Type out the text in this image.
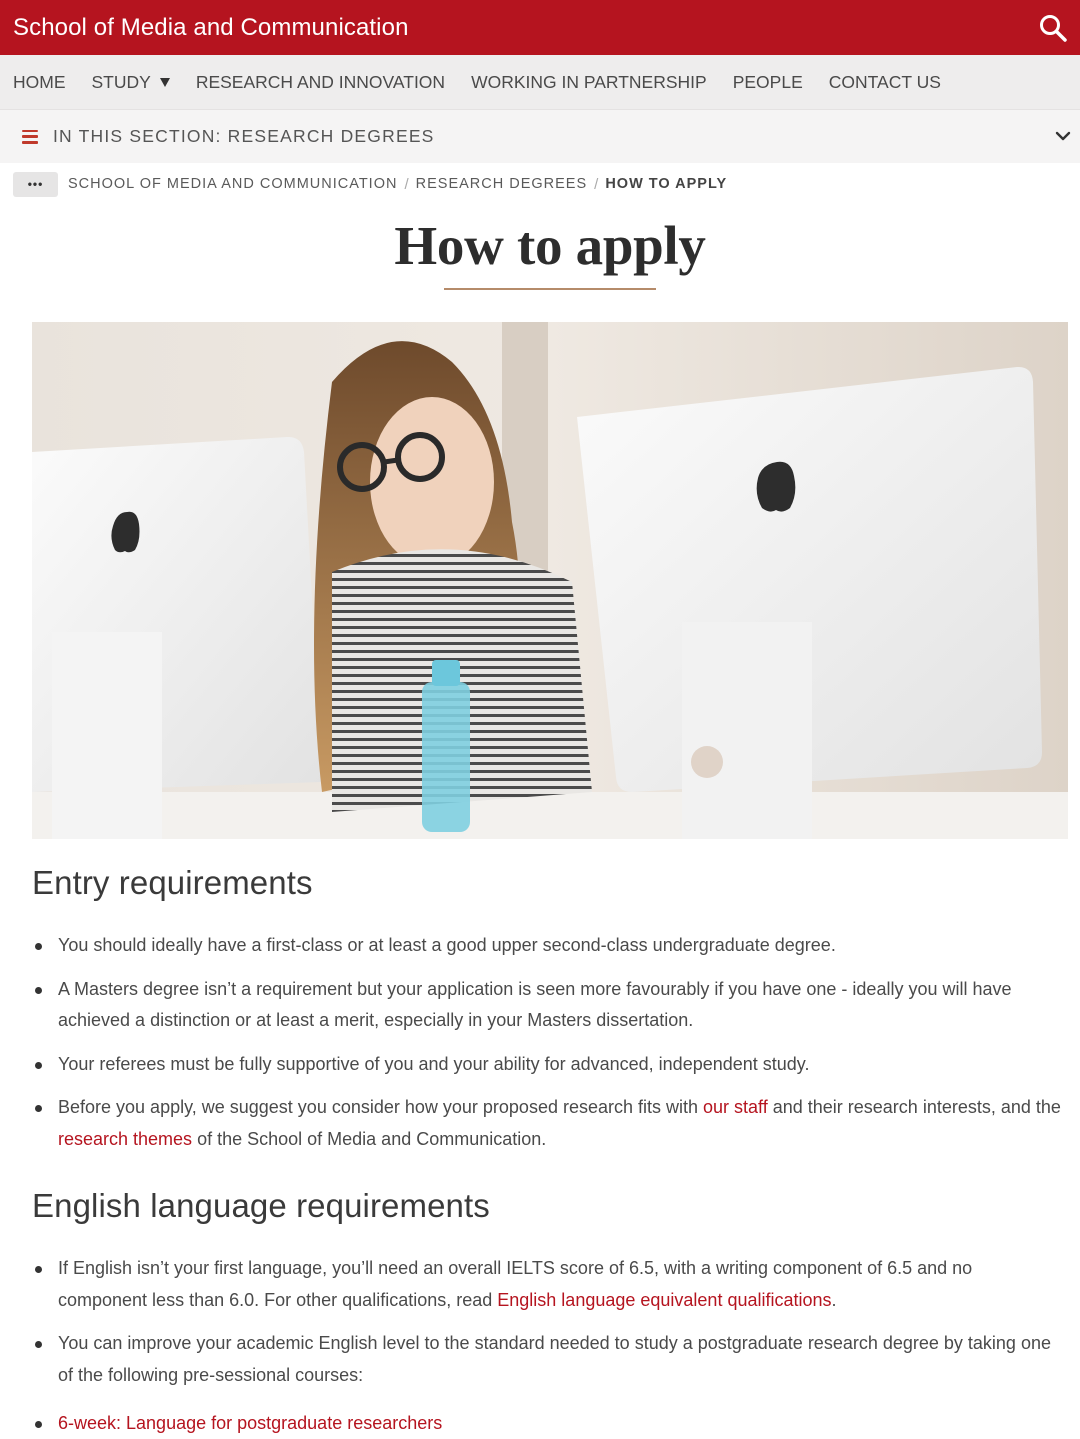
School of Media and Communication
HOME STUDY	RESEARCH AND INNOVATION WORKING IN PARTNERSHIP PEOPLE CONTACT US
IN THIS SECTION: RESEARCH DEGREES
•••	SCHOOL OF MEDIA AND COMMUNICATION / RESEARCH DEGREES / HOW TO APPLY
How to apply
Entry requirements
You should ideally have a first-class or at least a good upper second-class undergraduate degree.
A Masters degree isn’t a requirement but your application is seen more favourably if you have one - ideally you will have achieved a distinction or at least a merit, especially in your Masters dissertation.
Your referees must be fully supportive of you and your ability for advanced, independent study.
Before you apply, we suggest you consider how your proposed research fits with our staff and their research interests, and the research themes of the School of Media and Communication.
English language requirements
If English isn’t your first language, you’ll need an overall IELTS score of 6.5, with a writing component of 6.5 and no component less than 6.0. For other qualifications, read English language equivalent qualifications.
You can improve your academic English level to the standard needed to study a postgraduate research degree by taking one of the following pre-sessional courses:
6-week: Language for postgraduate researchers
